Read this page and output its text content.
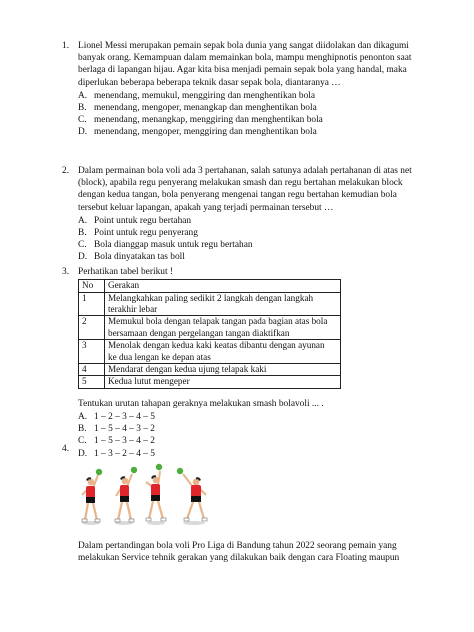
1. Lionel Messi merupakan pemain sepak bola dunia yang sangat diidolakan dan dikagumi
banyak orang. Kemampuan dalam memainkan bola, mampu menghipnotis penonton saat
berlaga di lapangan hijau. Agar kita bisa menjadi pemain sepak bola yang handal, maka
diperlukan beberapa beberapa teknik dasar sepak bola, diantaranya …
A. menendang, memukul, menggiring dan menghentikan bola
B. menendang, mengoper, menangkap dan menghentikan bola
C. menendang, menangkap, menggiring dan menghentikan bola
D. menendang, mengoper, menggiring dan menghentikan bola
2. Dalam permainan bola voli ada 3 pertahanan, salah satunya adalah pertahanan di atas net
(block), apabila regu penyerang melakukan smash dan regu bertahan melakukan block
dengan kedua tangan, bola penyerang mengenai tangan regu bertahan kemudian bola
tersebut keluar lapangan, apakah yang terjadi permainan tersebut …
A. Point untuk regu bertahan
B. Point untuk regu penyerang
C. Bola dianggap masuk untuk regu bertahan
D. Bola dinyatakan tas boll
3. Perhatikan tabel berikut !
No	Gerakan
1	Melangkahkan paling sedikit 2 langkah dengan langkah
terakhir lebar

2	Memukul bola dengan telapak tangan pada bagian atas bola
bersamaan dengan pergelangan tangan diaktifkan

3	Menolak dengan kedua kaki keatas dibantu dengan ayunan
ke dua lengan ke depan atas

4	Mendarat dengan kedua ujung telapak kaki

5	Kedua lutut mengeper
Tentukan urutan tahapan geraknya melakukan smash bolavoli ... .
A. 1 – 2 – 3 – 4 – 5
B. 1 – 5 – 4 – 3 – 2
C. 1 – 5 – 3 – 4 – 2
D. 1 – 3 – 2 – 4 – 5
4.
Dalam pertandingan bola voli Pro Liga di Bandung tahun 2022 seorang pemain yang
melakukan Service tehnik gerakan yang dilakukan baik dengan cara Floating maupun
